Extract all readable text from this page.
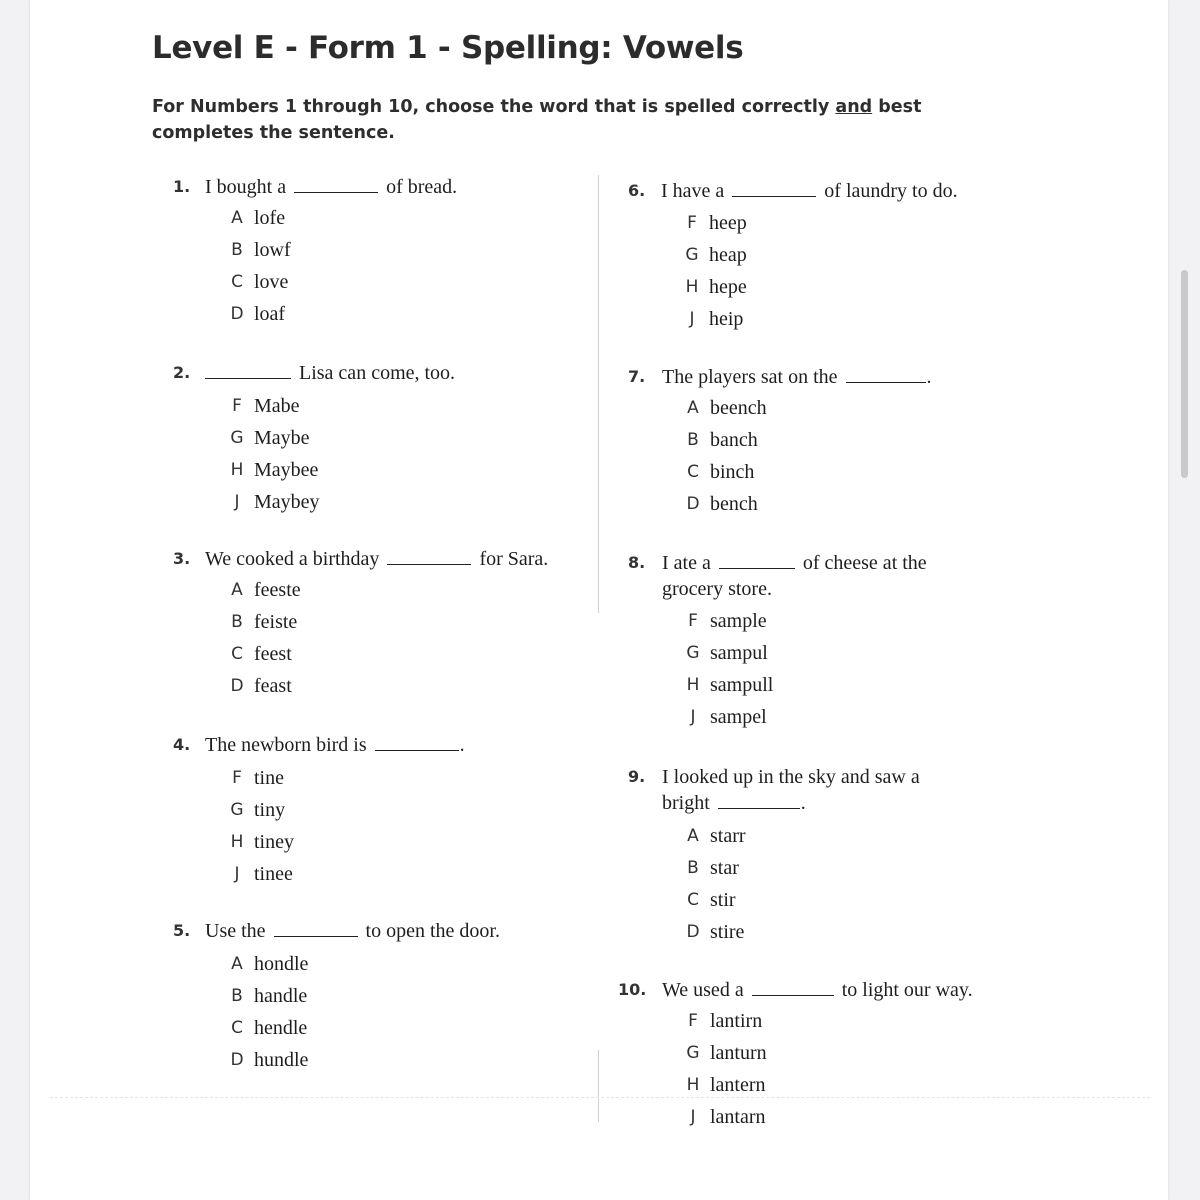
Level E - Form 1 - Spelling: Vowels
For Numbers 1 through 10, choose the word that is spelled correctly and best completes the sentence.
1. I bought a	of bread.
A lofe
B lowf
C love
D loaf
2.	Lisa can come, too.
F Mabe
G Maybe
H Maybee
J Maybey
3. We cooked a birthday	for Sara.
A feeste
B feiste
C feest
D feast
4. The newborn bird is	.
F tine
G tiny
H tiney
J tinee
5. Use the	to open the door.
A hondle
B handle
C hendle
D hundle
6. I have a	of laundry to do.
F heep
G heap
H hepe
J heip
7. The players sat on the	.
A beench
B banch
C binch
D bench
8. I ate a	of cheese at the
grocery store.
F sample
G sampul
H sampull
J sampel
9. I looked up in the sky and saw a
bright	.
A starr
B star
C stir
D stire
10. We used a	to light our way.
F lantirn
G lanturn
H lantern
J lantarn
